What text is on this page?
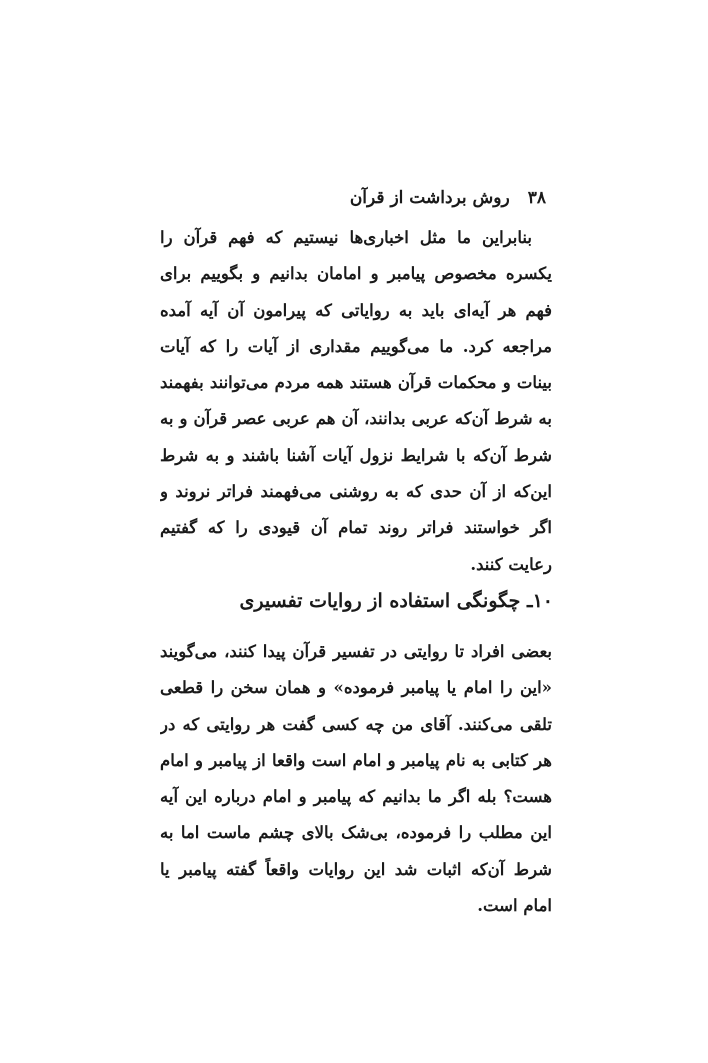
۳۸روش برداشت از قرآن
بنابراین ما مثل اخباری‌ها نیستیم که فهم قرآن را
یکسره مخصوص پیامبر و امامان بدانیم و بگوییم برای
فهم هر آیه‌ای باید به روایاتی که پیرامون آن آیه آمده
مراجعه کرد. ما می‌گوییم مقداری از آیات را که آیات
بینات و محکمات قرآن هستند همه مردم می‌توانند بفهمند
به شرط آن‌که عربی بدانند، آن هم عربی عصر قرآن و به
شرط آن‌که با شرایط نزول آیات آشنا باشند و به شرط
این‌که از آن حدی که به روشنی می‌فهمند فراتر نروند و
اگر خواستند فراتر روند تمام آن قیودی را که گفتیم
رعایت کنند.
۱۰ـ چگونگی استفاده از روایات تفسیری
بعضی افراد تا روایتی در تفسیر قرآن پیدا کنند، می‌گویند
«این را امام یا پیامبر فرموده» و همان سخن را قطعی
تلقی می‌کنند. آقای من چه کسی گفت هر روایتی که در
هر کتابی به نام پیامبر و امام است واقعا از پیامبر و امام
هست؟ بله اگر ما بدانیم که پیامبر و امام درباره این آیه
این مطلب را فرموده، بی‌شک بالای چشم ماست اما به
شرط آن‌که اثبات شد این روایات واقعاً گفته پیامبر یا
امام است.
